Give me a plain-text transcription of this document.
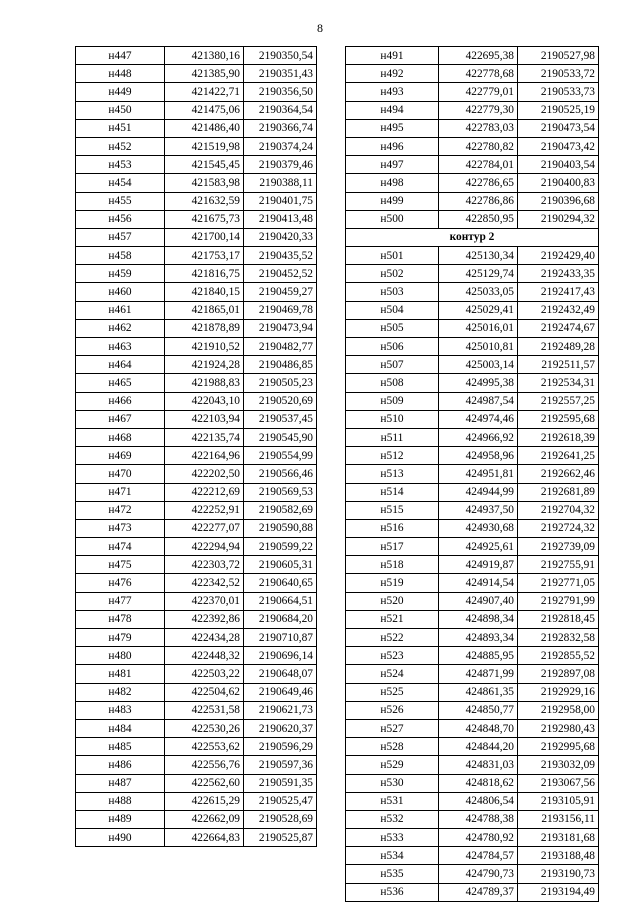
8
н447	421380,16	2190350,54
н448	421385,90	2190351,43
н449	421422,71	2190356,50
н450	421475,06	2190364,54
н451	421486,40	2190366,74
н452	421519,98	2190374,24
н453	421545,45	2190379,46
н454	421583,98	2190388,11
н455	421632,59	2190401,75
н456	421675,73	2190413,48
н457	421700,14	2190420,33
н458	421753,17	2190435,52
н459	421816,75	2190452,52
н460	421840,15	2190459,27
н461	421865,01	2190469,78
н462	421878,89	2190473,94
н463	421910,52	2190482,77
н464	421924,28	2190486,85
н465	421988,83	2190505,23
н466	422043,10	2190520,69
н467	422103,94	2190537,45
н468	422135,74	2190545,90
н469	422164,96	2190554,99
н470	422202,50	2190566,46
н471	422212,69	2190569,53
н472	422252,91	2190582,69
н473	422277,07	2190590,88
н474	422294,94	2190599,22
н475	422303,72	2190605,31
н476	422342,52	2190640,65
н477	422370,01	2190664,51
н478	422392,86	2190684,20
н479	422434,28	2190710,87
н480	422448,32	2190696,14
н481	422503,22	2190648,07
н482	422504,62	2190649,46
н483	422531,58	2190621,73
н484	422530,26	2190620,37
н485	422553,62	2190596,29
н486	422556,76	2190597,36
н487	422562,60	2190591,35
н488	422615,29	2190525,47
н489	422662,09	2190528,69
н490	422664,83	2190525,87
н491	422695,38	2190527,98
н492	422778,68	2190533,72
н493	422779,01	2190533,73
н494	422779,30	2190525,19
н495	422783,03	2190473,54
н496	422780,82	2190473,42
н497	422784,01	2190403,54
н498	422786,65	2190400,83
н499	422786,86	2190396,68
н500	422850,95	2190294,32
контур 2		
н501	425130,34	2192429,40
н502	425129,74	2192433,35
н503	425033,05	2192417,43
н504	425029,41	2192432,49
н505	425016,01	2192474,67
н506	425010,81	2192489,28
н507	425003,14	2192511,57
н508	424995,38	2192534,31
н509	424987,54	2192557,25
н510	424974,46	2192595,68
н511	424966,92	2192618,39
н512	424958,96	2192641,25
н513	424951,81	2192662,46
н514	424944,99	2192681,89
н515	424937,50	2192704,32
н516	424930,68	2192724,32
н517	424925,61	2192739,09
н518	424919,87	2192755,91
н519	424914,54	2192771,05
н520	424907,40	2192791,99
н521	424898,34	2192818,45
н522	424893,34	2192832,58
н523	424885,95	2192855,52
н524	424871,99	2192897,08
н525	424861,35	2192929,16
н526	424850,77	2192958,00
н527	424848,70	2192980,43
н528	424844,20	2192995,68
н529	424831,03	2193032,09
н530	424818,62	2193067,56
н531	424806,54	2193105,91
н532	424788,38	2193156,11
н533	424780,92	2193181,68
н534	424784,57	2193188,48
н535	424790,73	2193190,73
н536	424789,37	2193194,49
